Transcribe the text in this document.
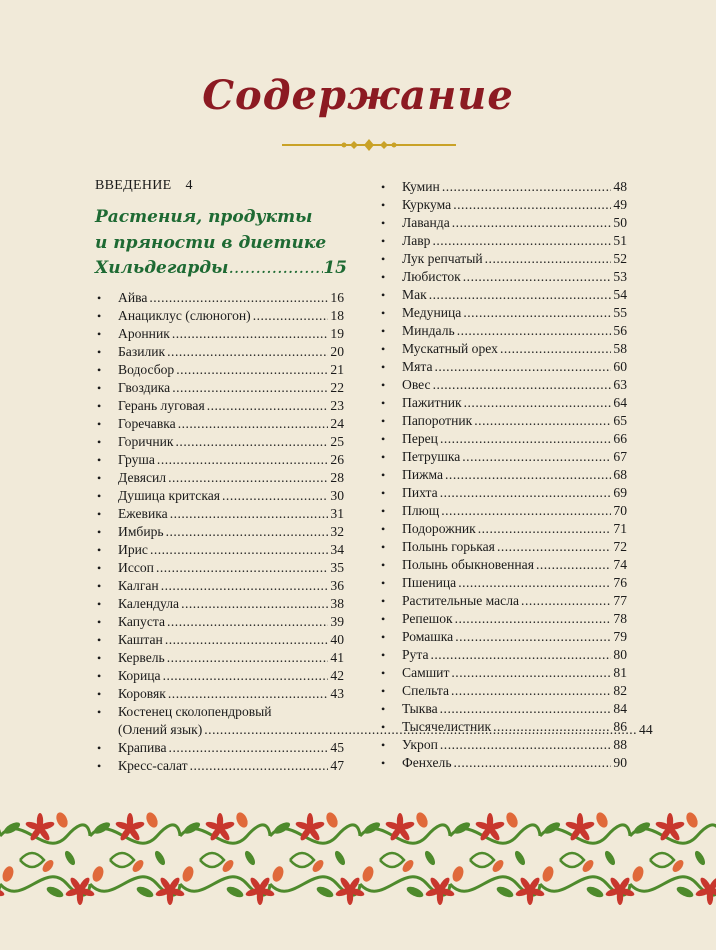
Содержание
ВВЕДЕНИЕ 4
Растения, продукты
и пряности в диетике
Хильдегарды .....	15
•	Айва .....	16
•	Анациклус (слюногон) .....	18
•	Аронник .....	19
•	Базилик .....	20
•	Водосбор .....	21
•	Гвоздика .....	22
•	Герань луговая .....	23
•	Горечавка .....	24
•	Горичник .....	25
•	Груша .....	26
•	Девясил .....	28
•	Душица критская .....	30
•	Ежевика .....	31
•	Имбирь .....	32
•	Ирис .....	34
•	Иссоп .....	35
•	Калган .....	36
•	Календула .....	38
•	Капуста .....	39
•	Каштан .....	40
•	Кервель .....	41
•	Корица .....	42
•	Коровяк .....	43
•	Костенец сколопендровый
(Олений язык) .....	44
•	Крапива .....	45
•	Кресс-салат .....	47
•	Кумин .....	48
•	Куркума .....	49
•	Лаванда .....	50
•	Лавр .....	51
•	Лук репчатый .....	52
•	Любисток .....	53
•	Мак .....	54
•	Медуница .....	55
•	Миндаль .....	56
•	Мускатный орех .....	58
•	Мята .....	60
•	Овес .....	63
•	Пажитник .....	64
•	Папоротник .....	65
•	Перец .....	66
•	Петрушка .....	67
•	Пижма .....	68
•	Пихта .....	69
•	Плющ .....	70
•	Подорожник .....	71
•	Полынь горькая .....	72
•	Полынь обыкновенная .....	74
•	Пшеница .....	76
•	Растительные масла .....	77
•	Репешок .....	78
•	Ромашка .....	79
•	Рута .....	80
•	Самшит .....	81
•	Спельта .....	82
•	Тыква .....	84
•	Тысячелистник .....	86
•	Укроп .....	88
•	Фенхель .....	90
